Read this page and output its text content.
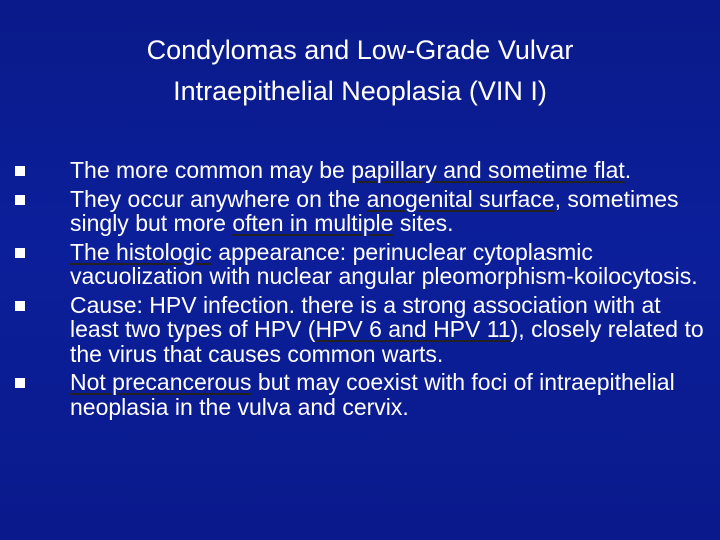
Condylomas and Low-Grade Vulvar
Intraepithelial Neoplasia (VIN I)
The more common may be papillary and sometime flat.
They occur anywhere on the anogenital surface, sometimes singly but more often in multiple sites.
The histologic appearance: perinuclear cytoplasmic vacuolization with nuclear angular pleomorphism-koilocytosis.
Cause: HPV infection. there is a strong association with at least two types of HPV (HPV 6 and HPV 11), closely related to the virus that causes common warts.
Not precancerous but may coexist with foci of intraepithelial neoplasia in the vulva and cervix.
